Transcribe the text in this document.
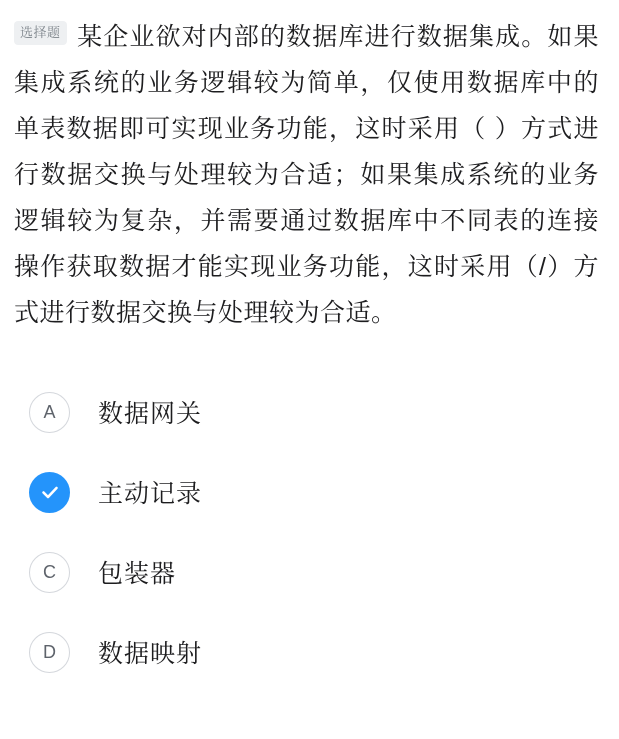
选择题 某企业欲对内部的数据库进行数据集成。如果集成系统的业务逻辑较为简单，仅使用数据库中的单表数据即可实现业务功能，这时采用（ ）方式进行数据交换与处理较为合适；如果集成系统的业务逻辑较为复杂，并需要通过数据库中不同表的连接操作获取数据才能实现业务功能，这时采用（/）方式进行数据交换与处理较为合适。
A	数据网关
主动记录
C	包装器
D	数据映射
